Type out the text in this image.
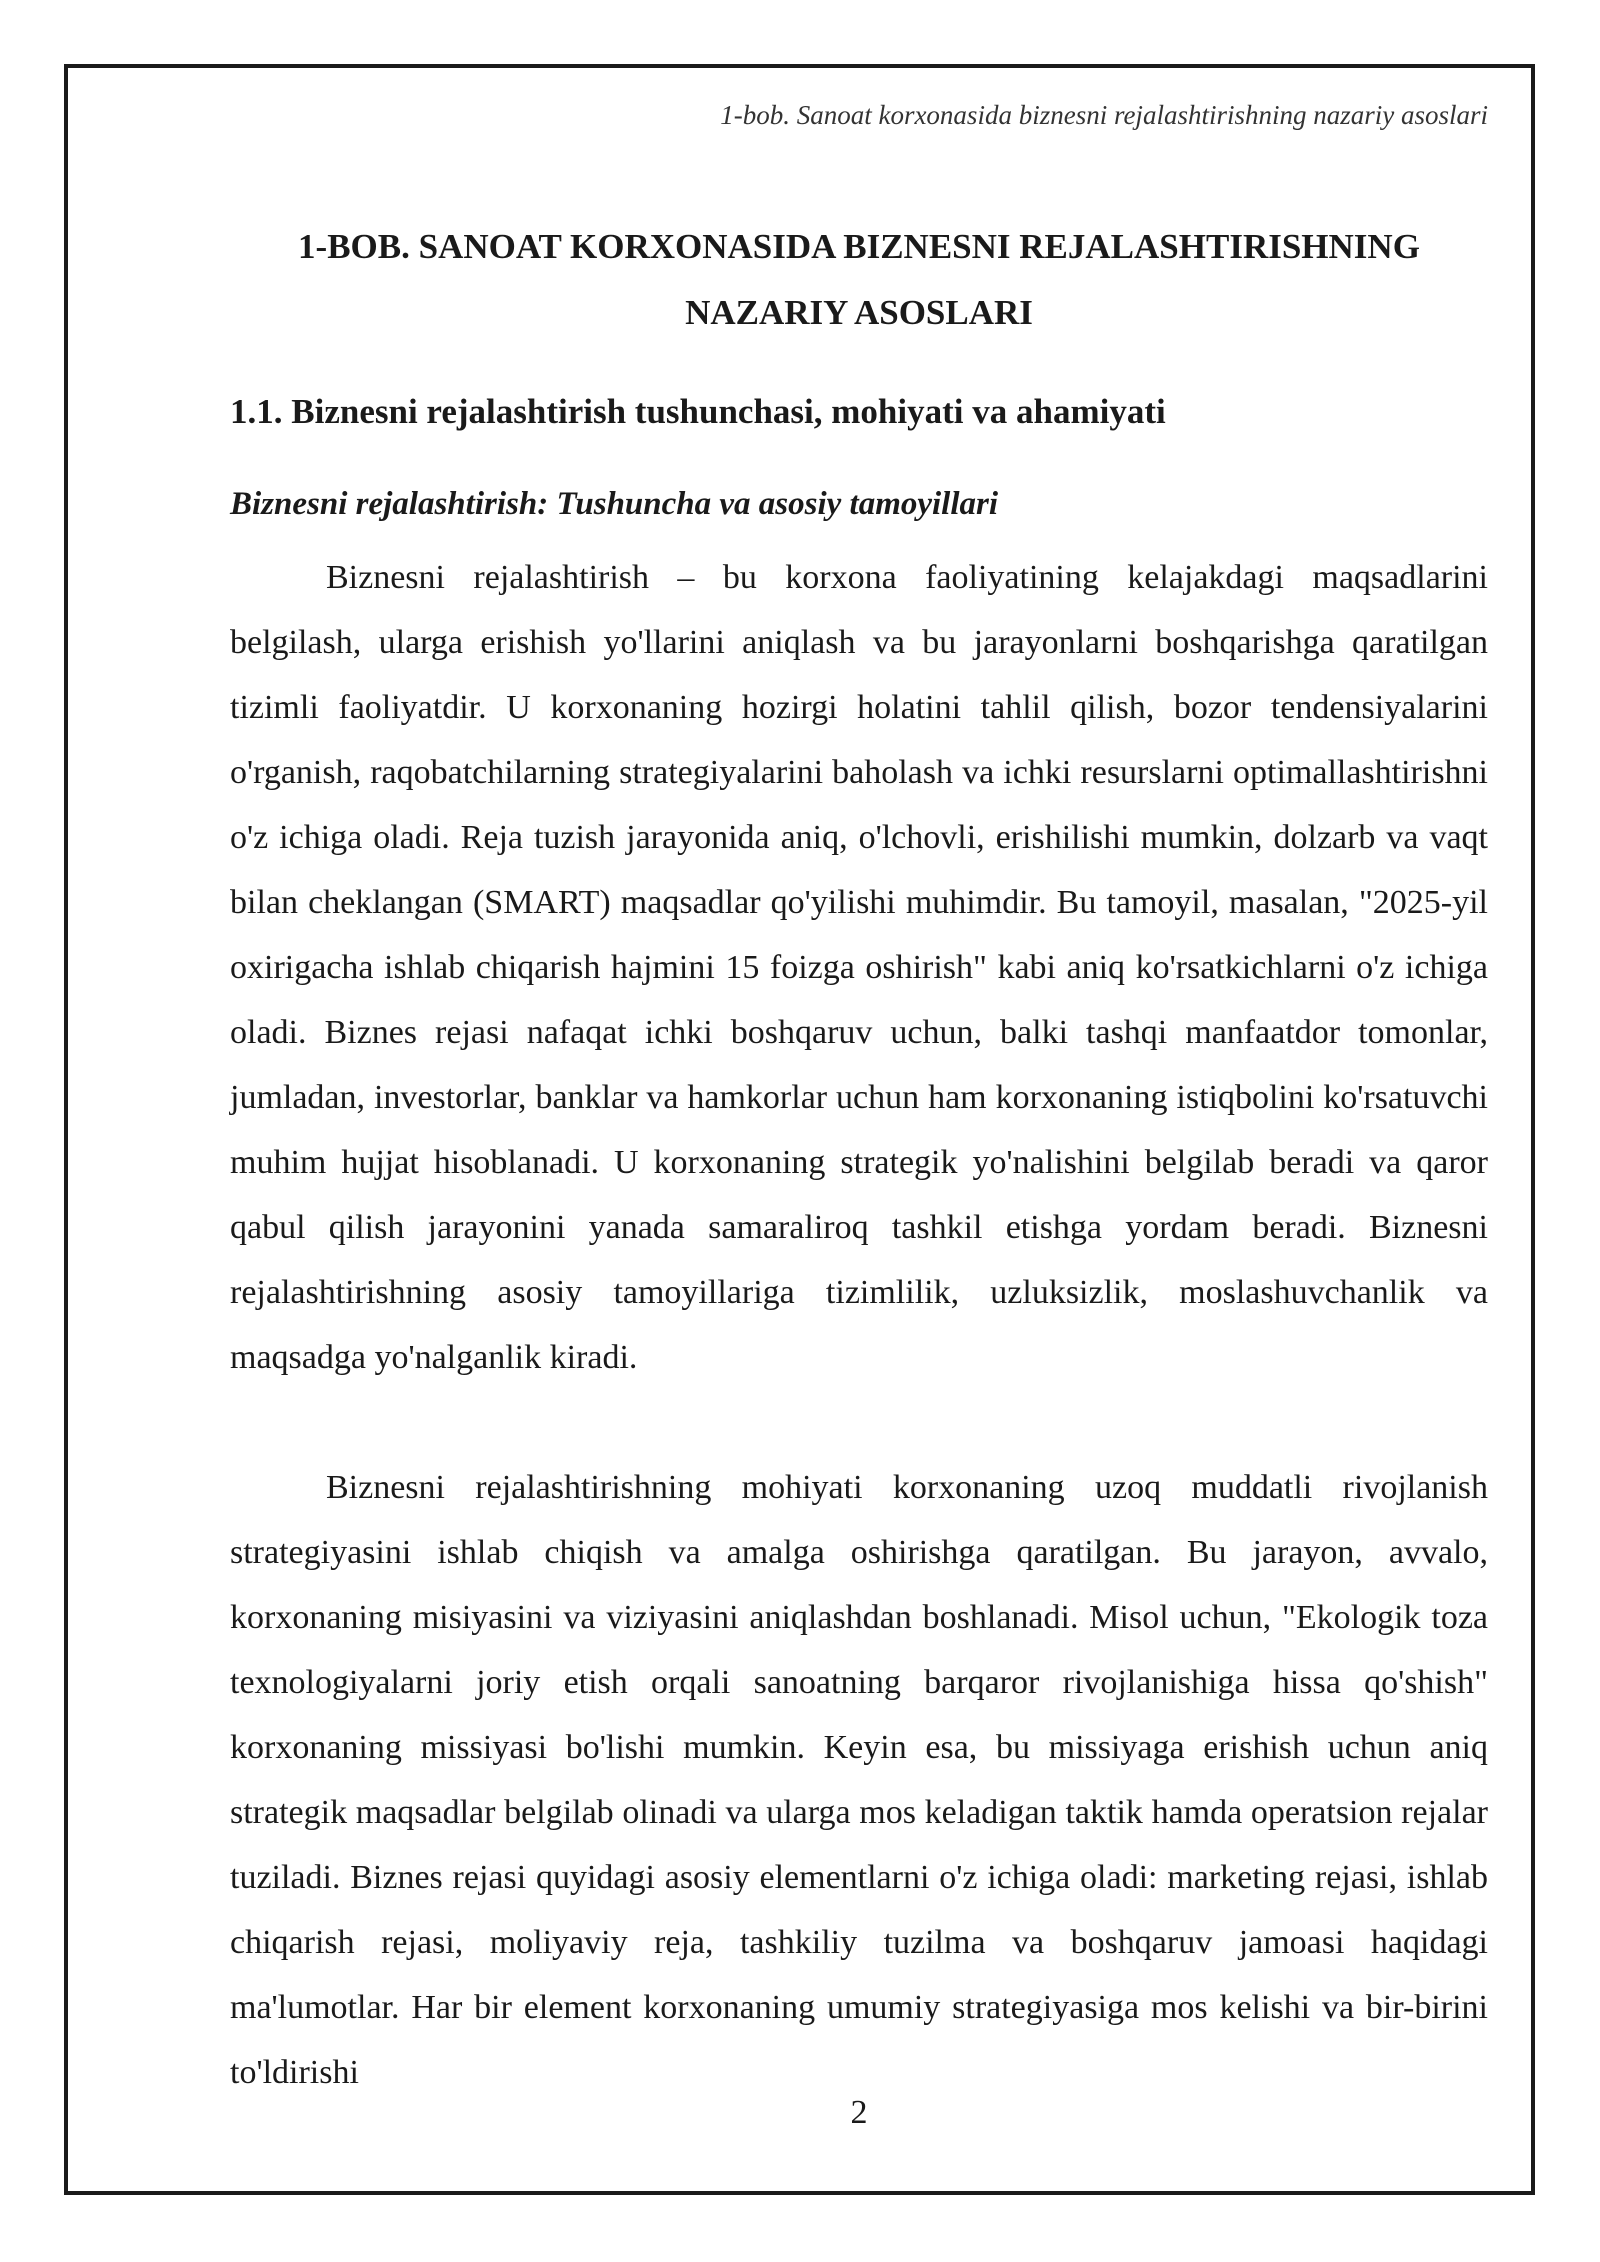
1-bob. Sanoat korxonasida biznesni rejalashtirishning nazariy asoslari
1-BOB. SANOAT KORXONASIDA BIZNESNI REJALASHTIRISHNING
NAZARIY ASOSLARI
1.1. Biznesni rejalashtirish tushunchasi, mohiyati va ahamiyati
Biznesni rejalashtirish: Tushuncha va asosiy tamoyillari

Biznesni rejalashtirish – bu korxona faoliyatining kelajakdagi maqsadlarini belgilash, ularga erishish yo'llarini aniqlash va bu jarayonlarni boshqarishga qaratilgan tizimli faoliyatdir. U korxonaning hozirgi holatini tahlil qilish, bozor tendensiyalarini o'rganish, raqobatchilarning strategiyalarini baholash va ichki resurslarni optimallashtirishni o'z ichiga oladi. Reja tuzish jarayonida aniq, o'lchovli, erishilishi mumkin, dolzarb va vaqt bilan cheklangan (SMART) maqsadlar qo'yilishi muhimdir. Bu tamoyil, masalan, "2025-yil oxirigacha ishlab chiqarish hajmini 15 foizga oshirish" kabi aniq ko'rsatkichlarni o'z ichiga oladi. Biznes rejasi nafaqat ichki boshqaruv uchun, balki tashqi manfaatdor tomonlar, jumladan, investorlar, banklar va hamkorlar uchun ham korxonaning istiqbolini ko'rsatuvchi muhim hujjat hisoblanadi. U korxonaning strategik yo'nalishini belgilab beradi va qaror qabul qilish jarayonini yanada samaraliroq tashkil etishga yordam beradi. Biznesni rejalashtirishning asosiy tamoyillariga tizimlilik, uzluksizlik, moslashuvchanlik va maqsadga yo'nalganlik kiradi.

Biznesni rejalashtirishning mohiyati korxonaning uzoq muddatli rivojlanish strategiyasini ishlab chiqish va amalga oshirishga qaratilgan. Bu jarayon, avvalo, korxonaning misiyasini va viziyasini aniqlashdan boshlanadi. Misol uchun, "Ekologik toza texnologiyalarni joriy etish orqali sanoatning barqaror rivojlanishiga hissa qo'shish" korxonaning missiyasi bo'lishi mumkin. Keyin esa, bu missiyaga erishish uchun aniq strategik maqsadlar belgilab olinadi va ularga mos keladigan taktik hamda operatsion rejalar tuziladi. Biznes rejasi quyidagi asosiy elementlarni o'z ichiga oladi: marketing rejasi, ishlab chiqarish rejasi, moliyaviy reja, tashkiliy tuzilma va boshqaruv jamoasi haqidagi ma'lumotlar. Har bir element korxonaning umumiy strategiyasiga mos kelishi va bir-birini to'ldirishi

2
